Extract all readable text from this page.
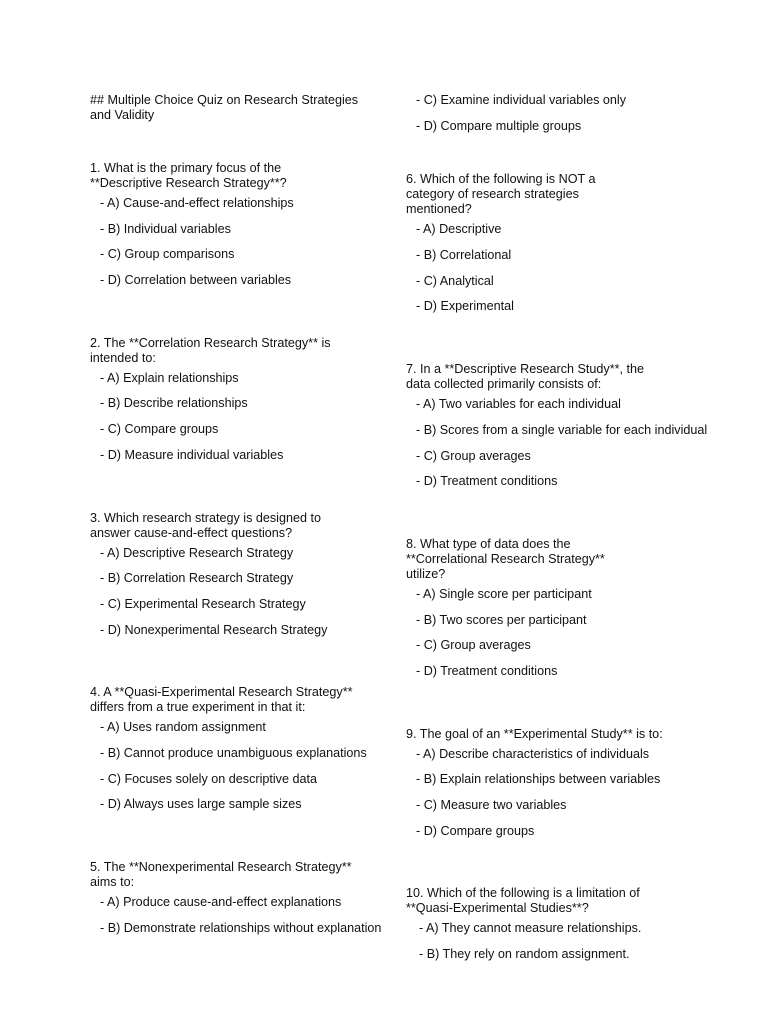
## Multiple Choice Quiz on Research Strategies and Validity
1. What is the primary focus of the **Descriptive Research Strategy**?
- A) Cause-and-effect relationships
- B) Individual variables
- C) Group comparisons
- D) Correlation between variables
2. The **Correlation Research Strategy** is intended to:
- A) Explain relationships
- B) Describe relationships
- C) Compare groups
- D) Measure individual variables
3. Which research strategy is designed to answer cause-and-effect questions?
- A) Descriptive Research Strategy
- B) Correlation Research Strategy
- C) Experimental Research Strategy
- D) Nonexperimental Research Strategy
4. A **Quasi-Experimental Research Strategy** differs from a true experiment in that it:
- A) Uses random assignment
- B) Cannot produce unambiguous explanations
- C) Focuses solely on descriptive data
- D) Always uses large sample sizes
5. The **Nonexperimental Research Strategy** aims to:
- A) Produce cause-and-effect explanations
- B) Demonstrate relationships without explanation
- C) Examine individual variables only
- D) Compare multiple groups
6. Which of the following is NOT a category of research strategies mentioned?
- A) Descriptive
- B) Correlational
- C) Analytical
- D) Experimental
7. In a **Descriptive Research Study**, the data collected primarily consists of:
- A) Two variables for each individual
- B) Scores from a single variable for each individual
- C) Group averages
- D) Treatment conditions
8. What type of data does the **Correlational Research Strategy** utilize?
- A) Single score per participant
- B) Two scores per participant
- C) Group averages
- D) Treatment conditions
9. The goal of an **Experimental Study** is to:
- A) Describe characteristics of individuals
- B) Explain relationships between variables
- C) Measure two variables
- D) Compare groups
10. Which of the following is a limitation of **Quasi-Experimental Studies**?
- A) They cannot measure relationships.
- B) They rely on random assignment.
